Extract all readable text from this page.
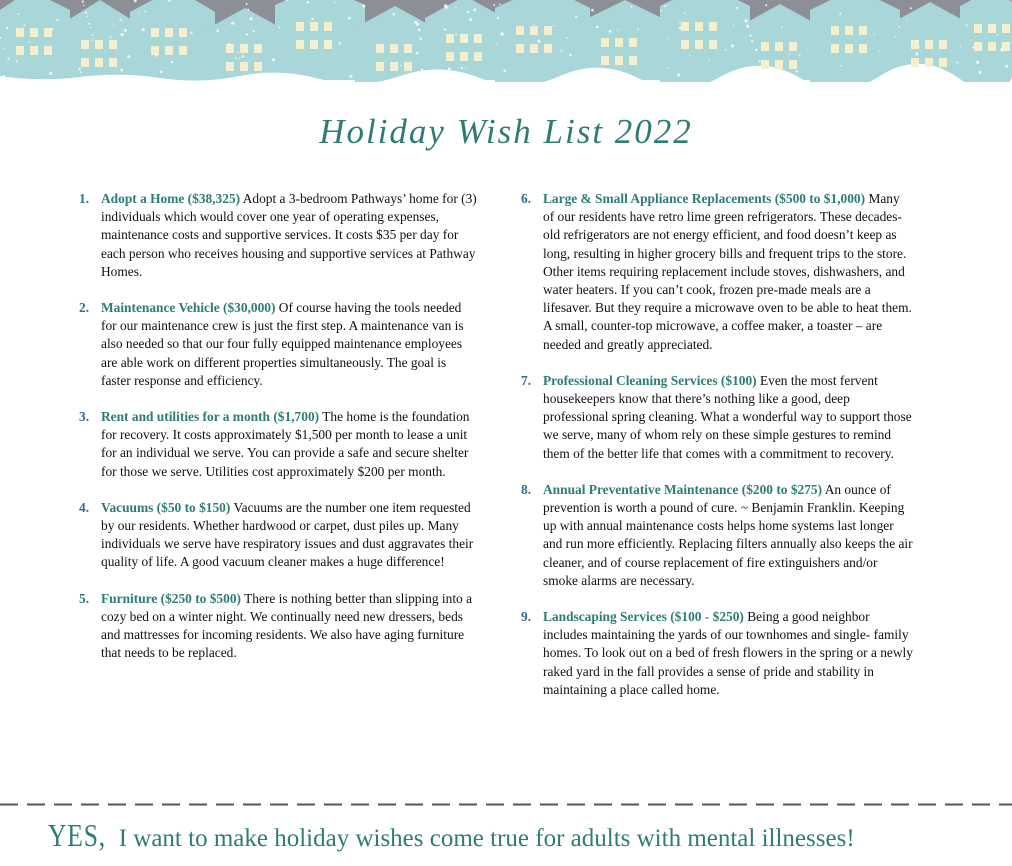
Holiday Wish List 2022
1. Adopt a Home ($38,325) Adopt a 3-bedroom Pathways’ home for (3) individuals which would cover one year of operating expenses, maintenance costs and supportive services. It costs $35 per day for each person who receives housing and supportive services at Pathway Homes.
2. Maintenance Vehicle ($30,000) Of course having the tools needed for our maintenance crew is just the first step. A maintenance van is also needed so that our four fully equipped maintenance employees are able work on different properties simultaneously. The goal is faster response and efficiency.
3. Rent and utilities for a month ($1,700) The home is the foundation for recovery. It costs approximately $1,500 per month to lease a unit for an individual we serve. You can provide a safe and secure shelter for those we serve. Utilities cost approximately $200 per month.
4. Vacuums ($50 to $150) Vacuums are the number one item requested by our residents. Whether hardwood or carpet, dust piles up. Many individuals we serve have respiratory issues and dust aggravates their quality of life. A good vacuum cleaner makes a huge difference!
5. Furniture ($250 to $500) There is nothing better than slipping into a cozy bed on a winter night. We continually need new dressers, beds and mattresses for incoming residents. We also have aging furniture that needs to be replaced.
6. Large & Small Appliance Replacements ($500 to $1,000) Many of our residents have retro lime green refrigerators. These decades- old refrigerators are not energy efficient, and food doesn’t keep as long, resulting in higher grocery bills and frequent trips to the store. Other items requiring replacement include stoves, dishwashers, and water heaters. If you can’t cook, frozen pre-made meals are a lifesaver. But they require a microwave oven to be able to heat them. A small, counter-top microwave, a coffee maker, a toaster – are needed and greatly appreciated.
7. Professional Cleaning Services ($100) Even the most fervent housekeepers know that there’s nothing like a good, deep professional spring cleaning. What a wonderful way to support those we serve, many of whom rely on these simple gestures to remind them of the better life that comes with a commitment to recovery.
8. Annual Preventative Maintenance ($200 to $275) An ounce of prevention is worth a pound of cure. ~ Benjamin Franklin. Keeping up with annual maintenance costs helps home systems last longer and run more efficiently. Replacing filters annually also keeps the air cleaner, and of course replacement of fire extinguishers and/or smoke alarms are necessary.
9. Landscaping Services ($100 - $250) Being a good neighbor includes maintaining the yards of our townhomes and single- family homes. To look out on a bed of fresh flowers in the spring or a newly raked yard in the fall provides a sense of pride and stability in maintaining a place called home.
YES, I want to make holiday wishes come true for adults with mental illnesses!
